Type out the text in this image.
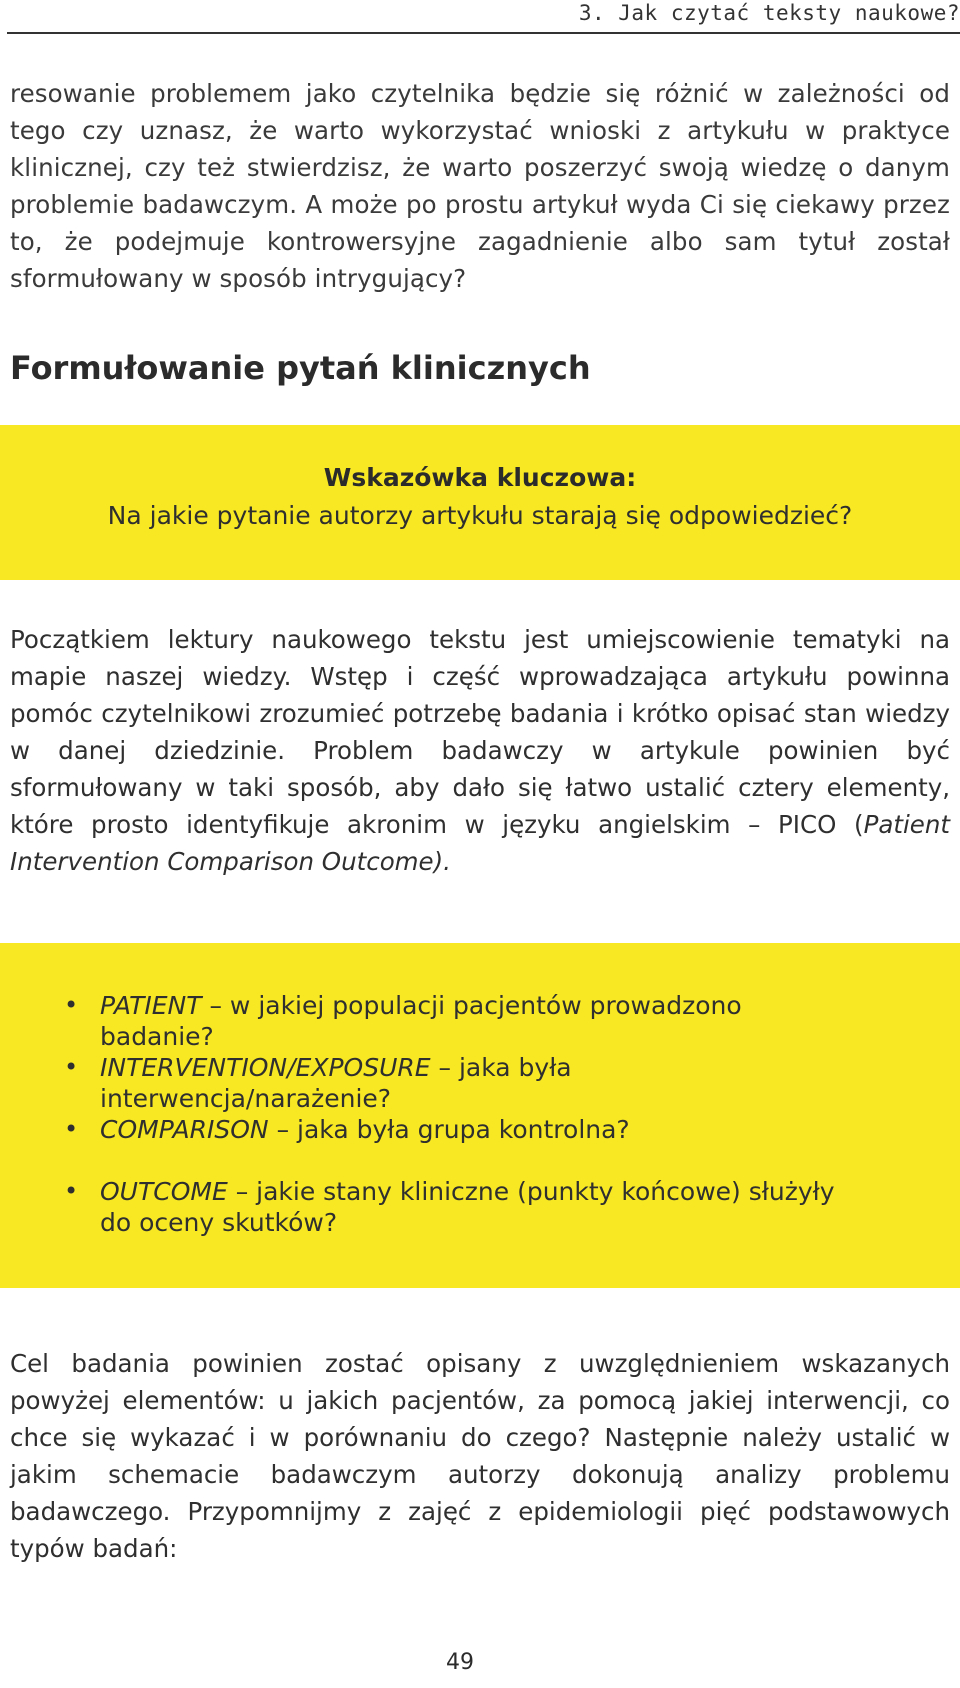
3. Jak czytać teksty naukowe?

resowanie problemem jako czytelnika będzie się różnić w zależności od tego czy uznasz, że warto wykorzystać wnioski z artykułu w praktyce klinicznej, czy też stwierdzisz, że warto poszerzyć swoją wiedzę o danym problemie badawczym. A może po prostu artykuł wyda Ci się ciekawy przez to, że podejmuje kontrowersyjne zagadnienie albo sam tytuł został sformułowany w sposób intrygujący?

Formułowanie pytań klinicznych
Wskazówka kluczowa:
Na jakie pytanie autorzy artykułu starają się odpowiedzieć?

Początkiem lektury naukowego tekstu jest umiejscowienie tematyki na mapie naszej wiedzy. Wstęp i część wprowadzająca artykułu powinna pomóc czytelnikowi zrozumieć potrzebę badania i krótko opisać stan wiedzy w danej dziedzinie. Problem badawczy w artykule powinien być sformułowany w taki sposób, aby dało się łatwo ustalić cztery elementy, które prosto identyfikuje akronim w języku angielskim – PICO (Patient Intervention Comparison Outcome).

• PATIENT – w jakiej populacji pacjentów prowadzono badanie?
• INTERVENTION/EXPOSURE – jaka była interwencja/narażenie?
• COMPARISON – jaka była grupa kontrolna?
• OUTCOME – jakie stany kliniczne (punkty końcowe) służyły do oceny skutków?

Cel badania powinien zostać opisany z uwzględnieniem wskazanych powyżej elementów: u jakich pacjentów, za pomocą jakiej interwencji, co chce się wykazać i w porównaniu do czego? Następnie należy ustalić w jakim schemacie badawczym autorzy dokonują analizy problemu badawczego. Przypomnijmy z zajęć z epidemiologii pięć podstawowych typów badań:

49
